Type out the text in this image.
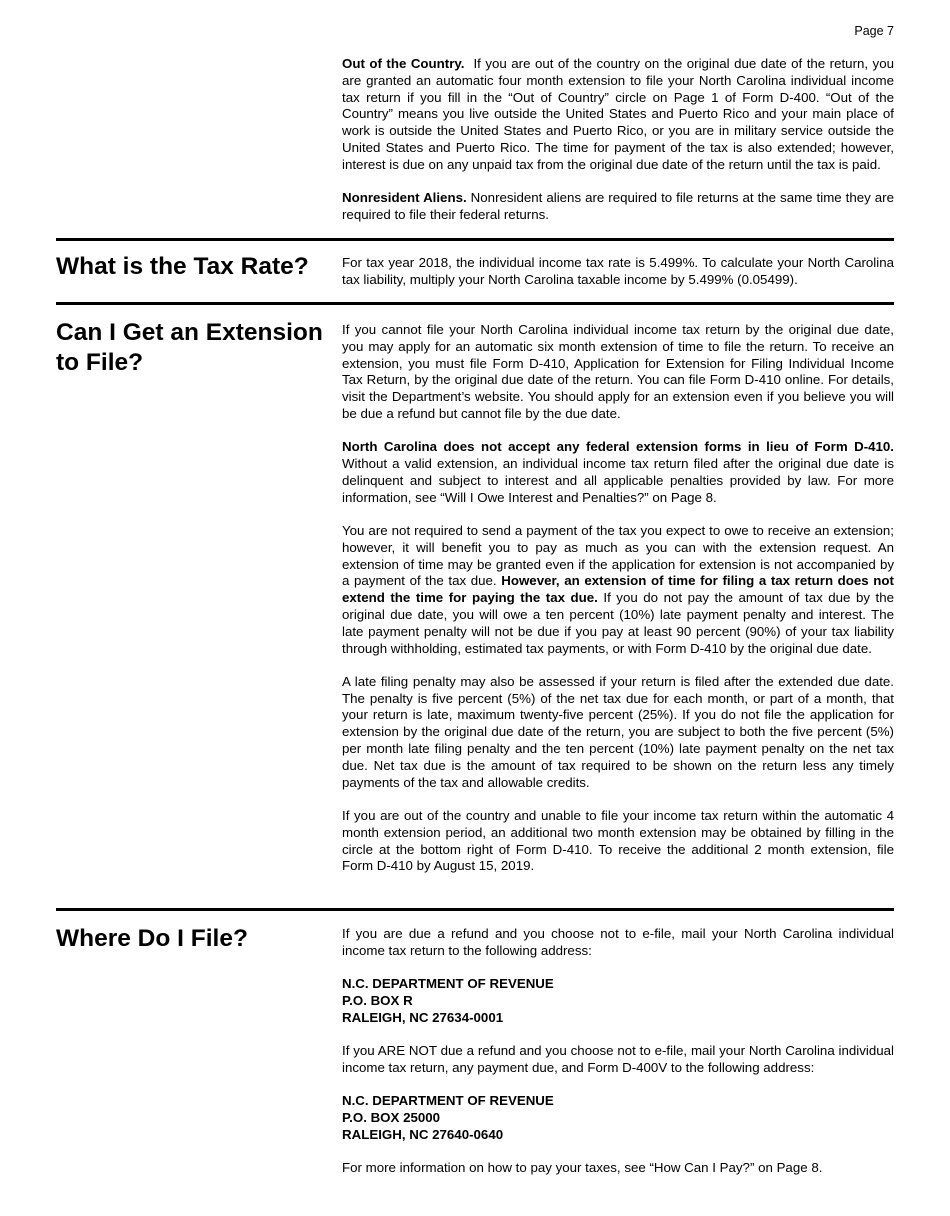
Page 7

Out of the Country. If you are out of the country on the original due date of the return, you are granted an automatic four month extension to file your North Carolina individual income tax return if you fill in the “Out of Country” circle on Page 1 of Form D-400. “Out of the Country” means you live outside the United States and Puerto Rico and your main place of work is outside the United States and Puerto Rico, or you are in military service outside the United States and Puerto Rico. The time for payment of the tax is also extended; however, interest is due on any unpaid tax from the original due date of the return until the tax is paid.

Nonresident Aliens. Nonresident aliens are required to file returns at the same time they are required to file their federal returns.

What is the Tax Rate?	For tax year 2018, the individual income tax rate is 5.499%. To calculate your North Carolina tax liability, multiply your North Carolina taxable income by 5.499% (0.05499).

Can I Get an Extension to File?

If you cannot file your North Carolina individual income tax return by the original due date, you may apply for an automatic six month extension of time to file the return. To receive an extension, you must file Form D-410, Application for Extension for Filing Individual Income Tax Return, by the original due date of the return. You can file Form D-410 online. For details, visit the Department’s website. You should apply for an extension even if you believe you will be due a refund but cannot file by the due date.

North Carolina does not accept any federal extension forms in lieu of Form D-410. Without a valid extension, an individual income tax return filed after the original due date is delinquent and subject to interest and all applicable penalties provided by law. For more information, see “Will I Owe Interest and Penalties?” on Page 8.

You are not required to send a payment of the tax you expect to owe to receive an extension; however, it will benefit you to pay as much as you can with the extension request. An extension of time may be granted even if the application for extension is not accompanied by a payment of the tax due. However, an extension of time for filing a tax return does not extend the time for paying the tax due. If you do not pay the amount of tax due by the original due date, you will owe a ten percent (10%) late payment penalty and interest. The late payment penalty will not be due if you pay at least 90 percent (90%) of your tax liability through withholding, estimated tax payments, or with Form D-410 by the original due date.

A late filing penalty may also be assessed if your return is filed after the extended due date. The penalty is five percent (5%) of the net tax due for each month, or part of a month, that your return is late, maximum twenty-five percent (25%). If you do not file the application for extension by the original due date of the return, you are subject to both the five percent (5%) per month late filing penalty and the ten percent (10%) late payment penalty on the net tax due. Net tax due is the amount of tax required to be shown on the return less any timely payments of the tax and allowable credits.

If you are out of the country and unable to file your income tax return within the automatic 4 month extension period, an additional two month extension may be obtained by filling in the circle at the bottom right of Form D-410. To receive the additional 2 month extension, file Form D-410 by August 15, 2019.

Where Do I File?	If you are due a refund and you choose not to e-file, mail your North Carolina individual income tax return to the following address:

N.C. DEPARTMENT OF REVENUE
P.O. BOX R
RALEIGH, NC 27634-0001

If you ARE NOT due a refund and you choose not to e-file, mail your North Carolina individual income tax return, any payment due, and Form D-400V to the following address:

N.C. DEPARTMENT OF REVENUE
P.O. BOX 25000
RALEIGH, NC 27640-0640

For more information on how to pay your taxes, see “How Can I Pay?” on Page 8.
